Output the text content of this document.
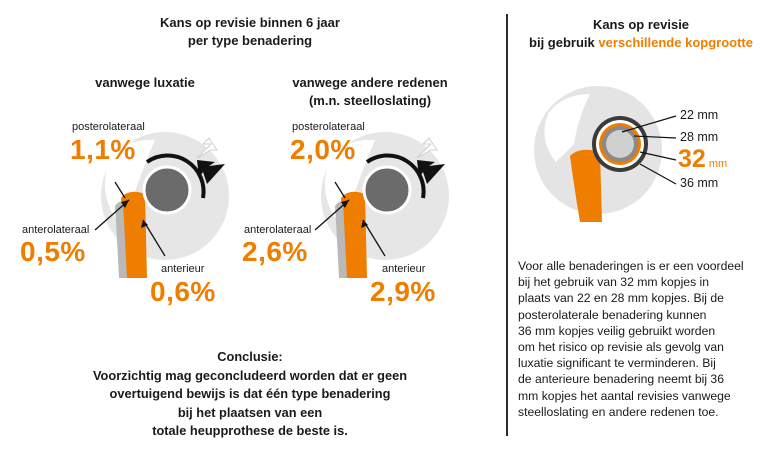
Kans op revisie binnen 6 jaar
per type benadering
vanwege luxatie	vanwege andere redenen
(m.n. steelloslating)
posterolateraal
1,1%
anterolateraal
0,5%
anterieur
0,6%
posterolateraal
2,0%
anterolateraal
2,6%
anterieur
2,9%
Conclusie:
Voorzichtig mag geconcludeerd worden dat er geen
overtuigend bewijs is dat één type benadering
bij het plaatsen van een
totale heupprothese de beste is.
Kans op revisie
bij gebruik verschillende kopgrootte
22 mm
28 mm
32 mm
36 mm
Voor alle benaderingen is er een voordeel
bij het gebruik van 32 mm kopjes in
plaats van 22 en 28 mm kopjes. Bij de
posterolaterale benadering kunnen
36 mm kopjes veilig gebruikt worden
om het risico op revisie als gevolg van
luxatie significant te verminderen. Bij
de anterieure benadering neemt bij 36
mm kopjes het aantal revisies vanwege
steelloslating en andere redenen toe.
